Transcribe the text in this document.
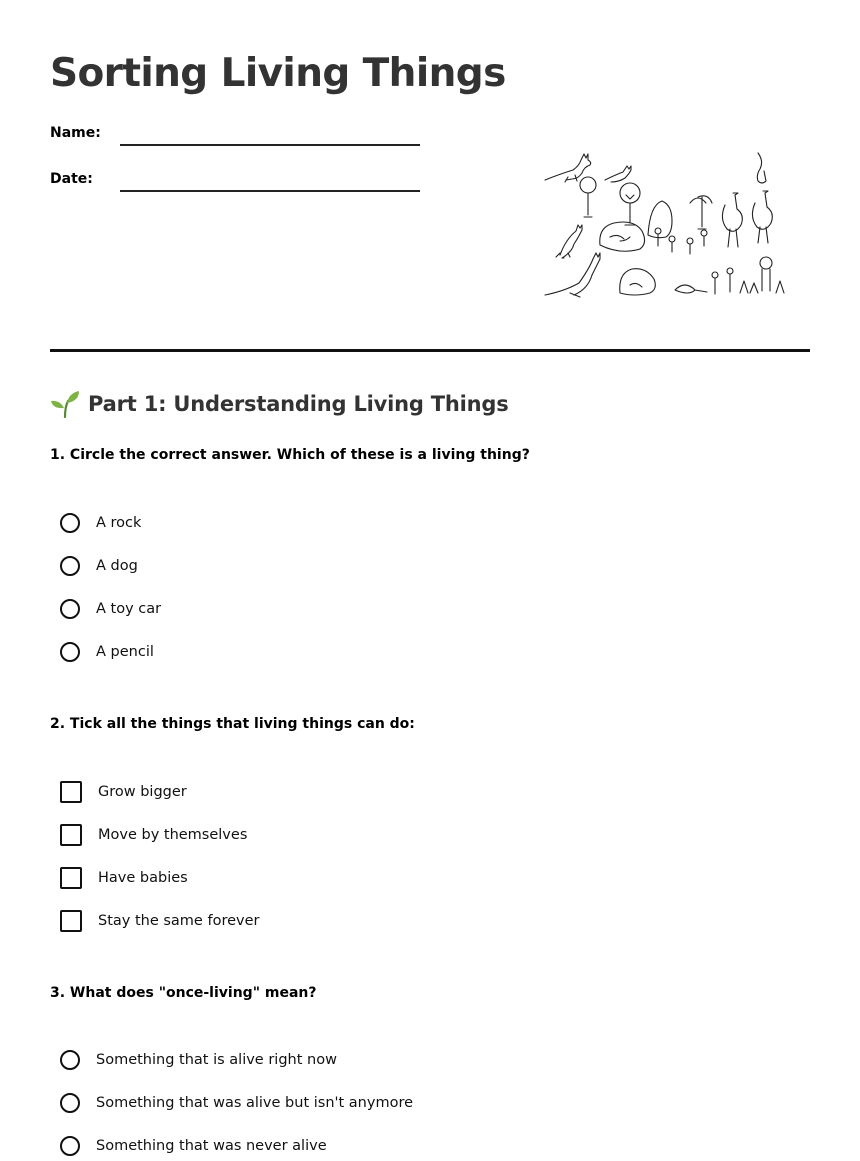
Sorting Living Things
Name:
Date:
Part 1: Understanding Living Things
1. Circle the correct answer. Which of these is a living thing?
A rock
A dog
A toy car
A pencil
2. Tick all the things that living things can do:
Grow bigger
Move by themselves
Have babies
Stay the same forever
3. What does "once-living" mean?
Something that is alive right now
Something that was alive but isn't anymore
Something that was never alive
